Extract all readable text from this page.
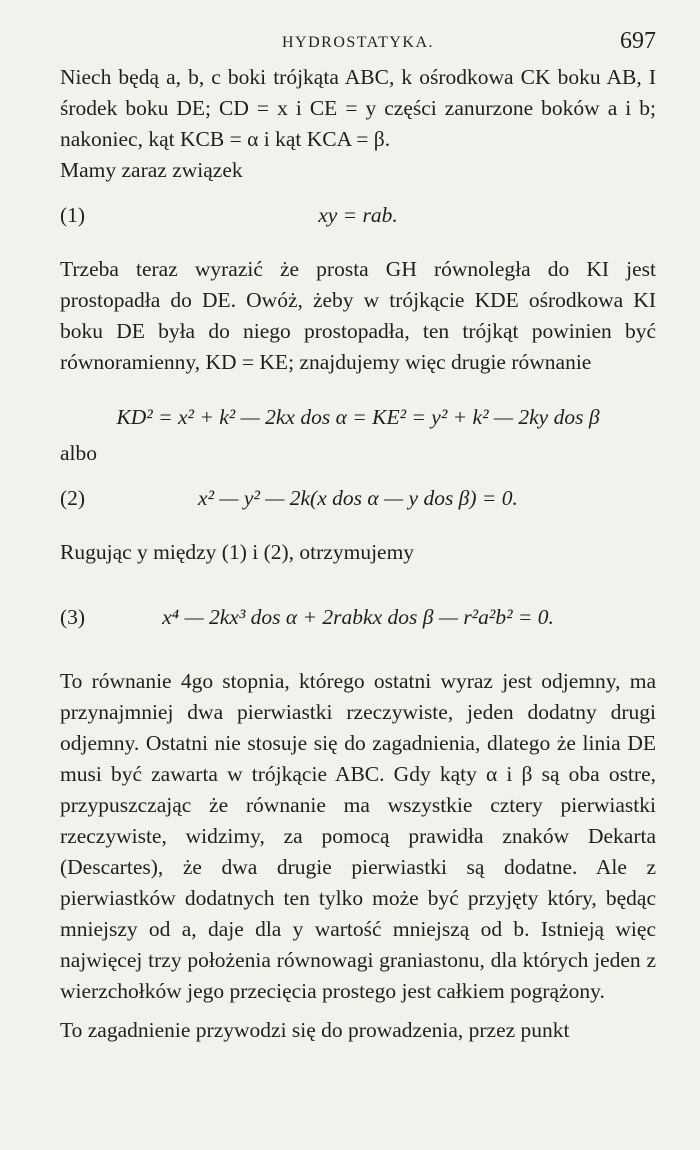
HYDROSTATYKA.	697

Niech będą a, b, c boki trójkąta ABC, k ośrodkowa CK boku AB, I środek boku DE; CD = x i CE = y części zanurzone boków a i b; nakoniec, kąt KCB = α i kąt KCA = β.

Mamy zaraz związek

(1)	xy = rab.

Trzeba teraz wyrazić że prosta GH równoległa do KI jest prostopadła do DE. Owóż, żeby w trójkącie KDE ośrodkowa KI boku DE była do niego prostopadła, ten trójkąt powinien być równoramienny, KD = KE; znajdujemy więc drugie równanie

KD² = x² + k² — 2kx dos α = KE² = y² + k² — 2ky dos β

albo

(2)	x² — y² — 2k(x dos α — y dos β) = 0.

Rugując y między (1) i (2), otrzymujemy

(3)	x⁴ — 2kx³ dos α + 2rabkx dos β — r²a²b² = 0.

To równanie 4go stopnia, którego ostatni wyraz jest odjemny, ma przynajmniej dwa pierwiastki rzeczywiste, jeden dodatny drugi odjemny. Ostatni nie stosuje się do zagadnienia, dlatego że linia DE musi być zawarta w trójkącie ABC. Gdy kąty α i β są oba ostre, przypuszczając że równanie ma wszystkie cztery pierwiastki rzeczywiste, widzimy, za pomocą prawidła znaków Dekarta (Descartes), że dwa drugie pierwiastki są dodatne. Ale z pierwiastków dodatnych ten tylko może być przyjęty który, będąc mniejszy od a, daje dla y wartość mniejszą od b. Istnieją więc najwięcej trzy położenia równowagi graniastonu, dla których jeden z wierzchołków jego przecięcia prostego jest całkiem pogrążony.

To zagadnienie przywodzi się do prowadzenia, przez punkt
